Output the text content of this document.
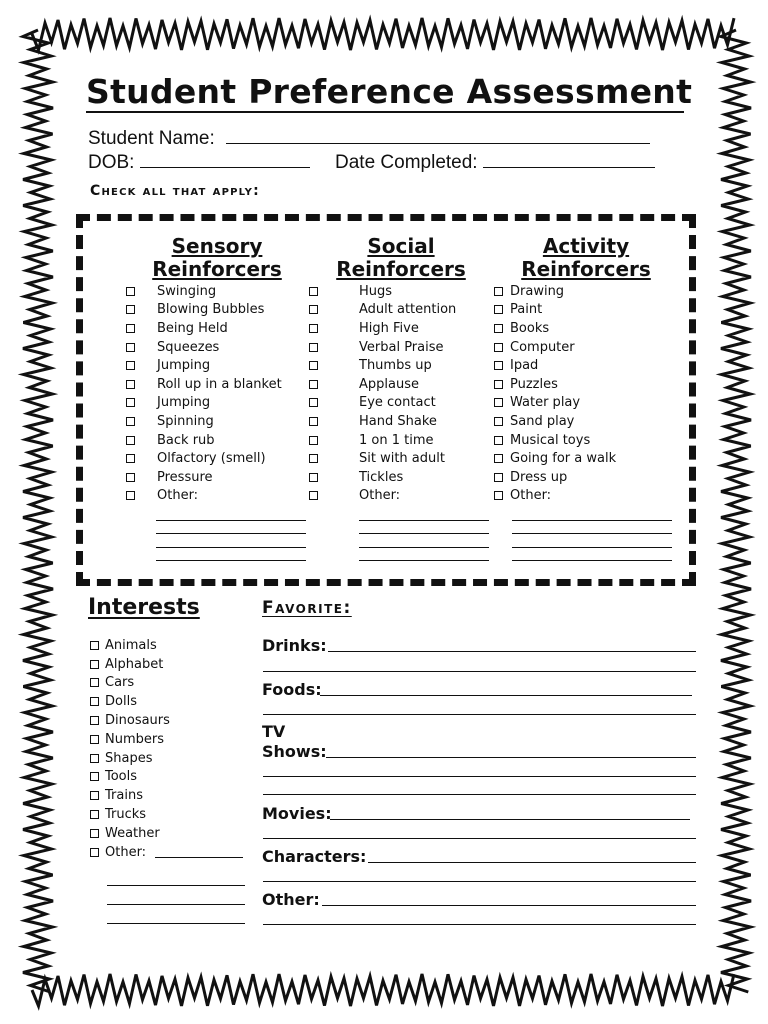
Student Preference Assessment
Student Name:
DOB:	Date Completed:
Check all that apply:
Sensory
Reinforcers
Social
Reinforcers
Activity
Reinforcers
Swinging
Blowing Bubbles
Being Held
Squeezes
Jumping
Roll up in a blanket
Jumping
Spinning
Back rub
Olfactory (smell)
Pressure
Other:
Hugs
Adult attention
High Five
Verbal Praise
Thumbs up
Applause
Eye contact
Hand Shake
1 on 1 time
Sit with adult
Tickles
Other:
Drawing
Paint
Books
Computer
Ipad
Puzzles
Water play
Sand play
Musical toys
Going for a walk
Dress up
Other:
Interests
Animals
Alphabet
Cars
Dolls
Dinosaurs
Numbers
Shapes
Tools
Trains
Trucks
Weather
Other:
Favorite:
Drinks:
Foods:
TV
Shows:
Movies:
Characters:
Other:
